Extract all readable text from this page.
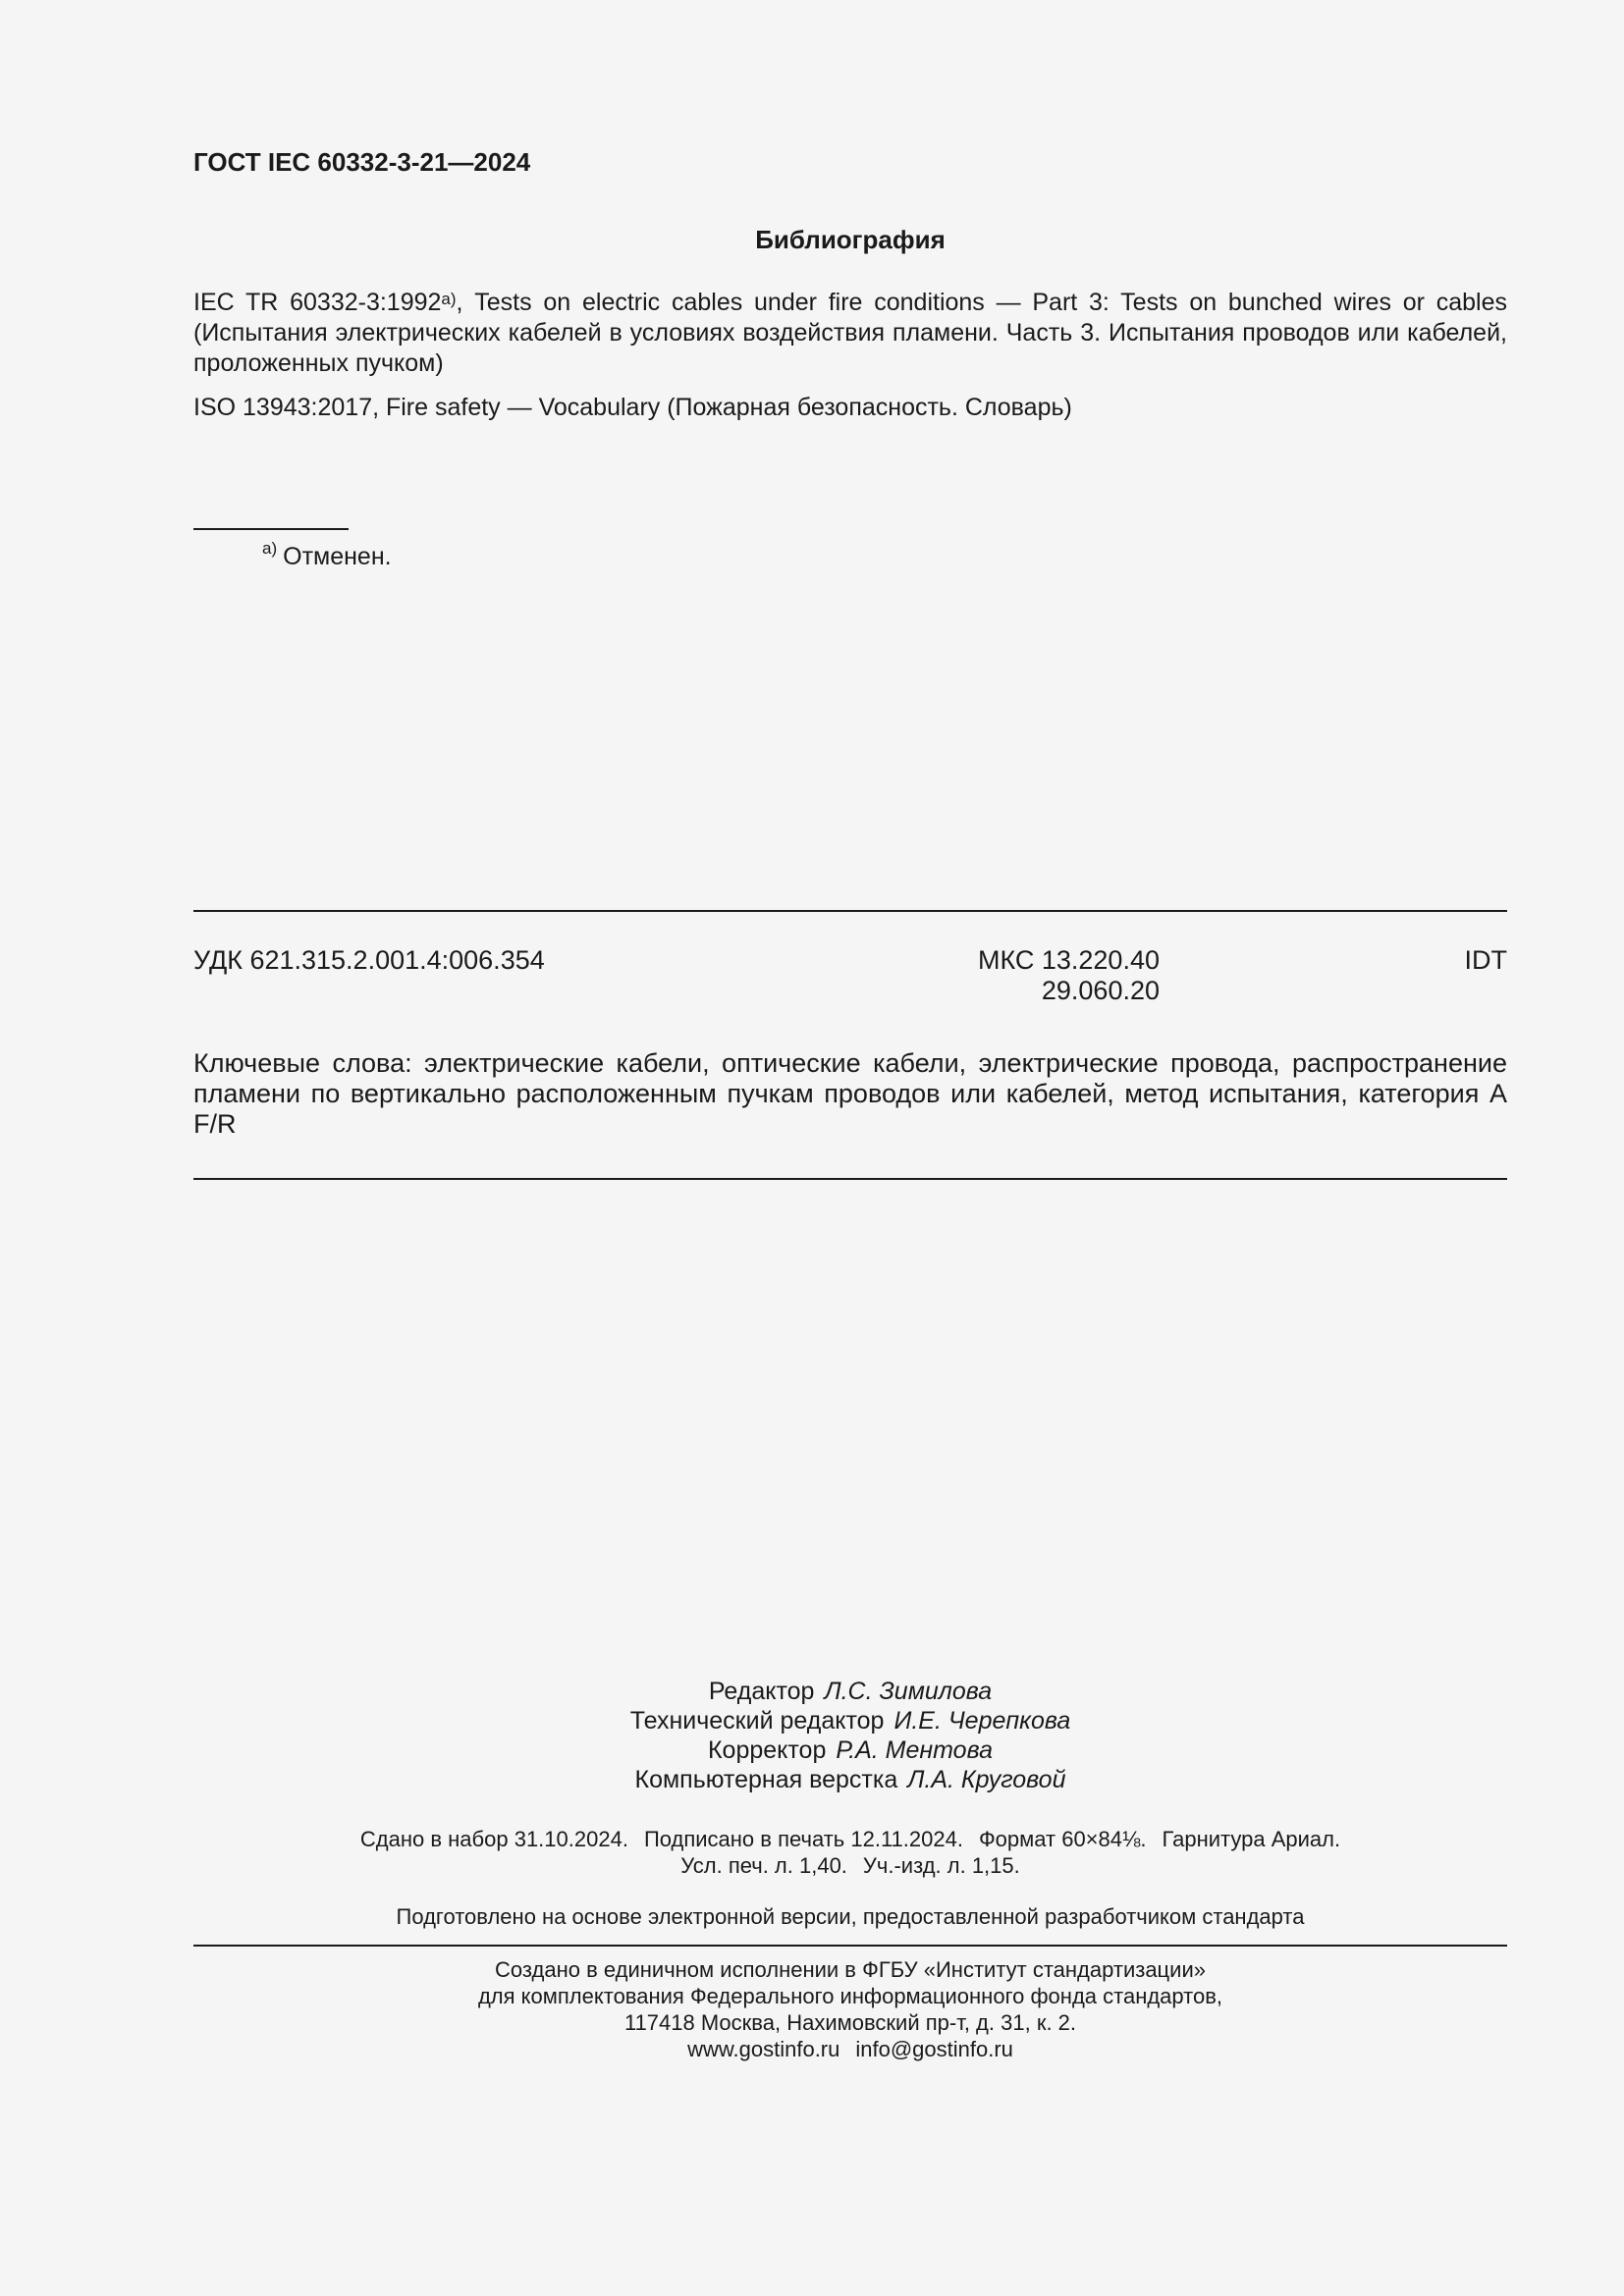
ГОСТ IEC 60332-3-21—2024
Библиография
IEC TR $60332-3:1992^{а)}$, Tests on electric cables under fire conditions — Part 3: Tests on bunched wires or cables (Испытания электрических кабелей в условиях воздействия пламени. Часть 3. Испытания проводов или кабелей, проложенных пучком)
ISO 13943:2017, Fire safety — Vocabulary (Пожарная безопасность. Словарь)
$^{а)}$ Отменен.
УДК 621.315.2.001.4:006.354	МКС 13.220.40
29.060.20
IDT
Ключевые слова: электрические кабели, оптические кабели, электрические провода, распространение пламени по вертикально расположенным пучкам проводов или кабелей, метод испытания, категория A F/R
Редактор Л.С. Зимилова
Технический редактор И.Е. Черепкова
Корректор Р.А. Ментова
Компьютерная верстка Л.А. Круговой
Сдано в набор 31.10.2024. Подписано в печать 12.11.2024. Формат 60×84⅛. Гарнитура Ариал.
Усл. печ. л. 1,40. Уч.-изд. л. 1,15.
Подготовлено на основе электронной версии, предоставленной разработчиком стандарта
Создано в единичном исполнении в ФГБУ «Институт стандартизации»
для комплектования Федерального информационного фонда стандартов,
117418 Москва, Нахимовский пр-т, д. 31, к. 2.
www.gostinfo.ru info@gostinfo.ru
